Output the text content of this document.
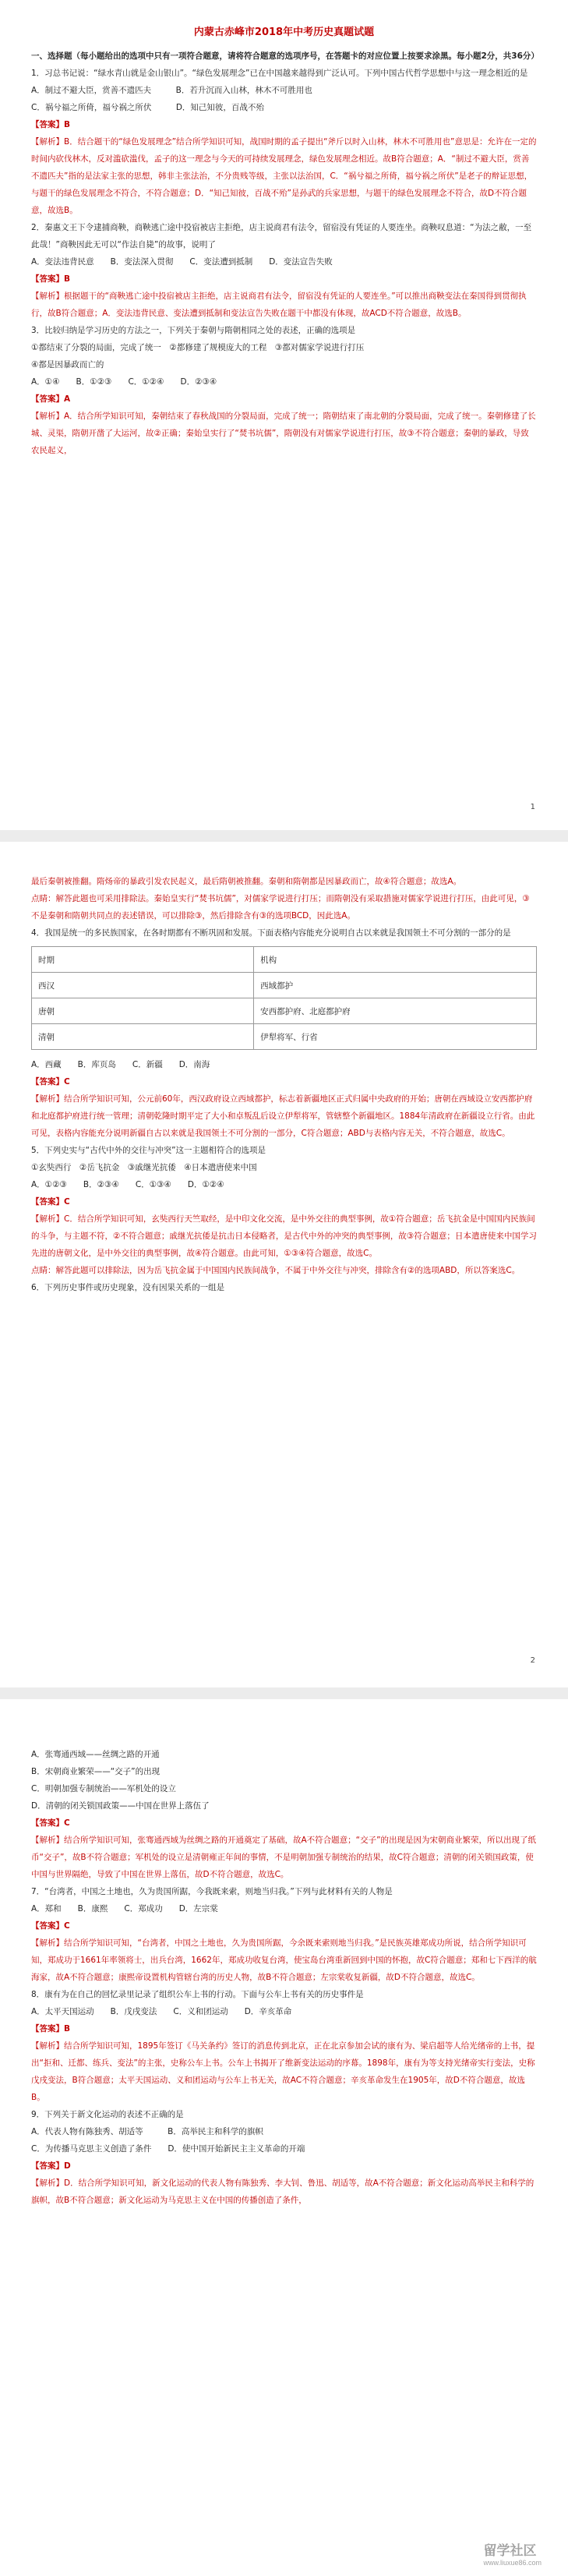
内蒙古赤峰市2018年中考历史真题试题

一、选择题（每小题给出的选项中只有一项符合题意，请将符合题意的选项序号，在答题卡的对应位置上按要求涂黑。每小题2分，共36分）

1．习总书记说：“绿水青山就是金山银山”。“绿色发展理念”已在中国越来越得到广泛认可。下列中国古代哲学思想中与这一理念相近的是

A．制过不避大臣，赏善不遗匹夫　　　B．若升沉而入山林，林木不可胜用也

C．祸兮福之所倚，福兮祸之所伏　　　D．知己知彼，百战不殆

【答案】B

【解析】B．结合题干的“绿色发展理念”结合所学知识可知，战国时期的孟子提出“斧斤以时入山林，林木不可胜用也”意思是：允许在一定的时间内砍伐林木，反对滥砍滥伐，孟子的这一理念与今天的可持续发展理念，绿色发展理念相近。故B符合题意；A．“制过不避大臣，赏善不遗匹夫”指的是法家主张的思想，韩非主张法治，不分贵贱等级，主张以法治国，C．“祸兮福之所倚，福兮祸之所伏”是老子的辩证思想，与题干的绿色发展理念不符合，不符合题意；D．“知己知彼，百战不殆”是孙武的兵家思想，与题干的绿色发展理念不符合，故D不符合题意，故选B。

2．秦惠文王下令逮捕商鞅，商鞅逃亡途中投宿被店主拒绝，店主说商君有法令，留宿没有凭证的人要连坐。商鞅叹息道：“为法之敝，一至此哉！”商鞅因此无可以“作法自毙”的故事，说明了

A．变法违背民意　　B．变法深入贯彻　　C．变法遭到抵制　　D．变法宣告失败

【答案】B

【解析】根据题干的“商鞅逃亡途中投宿被店主拒绝，店主说商君有法令，留宿没有凭证的人要连坐。”可以推出商鞅变法在秦国得到贯彻执行，故B符合题意；A．变法违背民意、变法遭到抵制和变法宣告失败在题干中都没有体现，故ACD不符合题意，故选B。

3．比较归纳是学习历史的方法之一，下列关于秦朝与隋朝相同之处的表述，正确的选项是

①都结束了分裂的局面，完成了统一　②都修建了规模庞大的工程　③都对儒家学说进行打压

④都是因暴政而亡的

A．①④　　B．①②③　　C．①②④　　D．②③④

【答案】A

【解析】A．结合所学知识可知，秦朝结束了春秋战国的分裂局面，完成了统一；隋朝结束了南北朝的分裂局面，完成了统一。秦朝修建了长城、灵渠，隋朝开凿了大运河，故②正确；秦始皇实行了“焚书坑儒”，隋朝没有对儒家学说进行打压，故③不符合题意；秦朝的暴政，导致农民起义，

1

最后秦朝被推翻。隋炀帝的暴政引发农民起义，最后隋朝被推翻。秦朝和隋朝都是因暴政而亡，故④符合题意；故选A。

点睛：解答此题也可采用排除法。秦始皇实行“焚书坑儒”，对儒家学说进行打压；而隋朝没有采取措施对儒家学说进行打压，由此可见，③不是秦朝和隋朝共同点的表述错误，可以排除③，然后排除含有③的选项BCD，因此选A。

4．我国是统一的多民族国家，在各时期都有不断巩固和发展。下面表格内容能充分说明自古以来就是我国领土不可分割的一部分的是

时期	机构
西汉	西域都护
唐朝	安西都护府、北庭都护府
清朝	伊犁将军、行省

A．西藏　　B．库页岛　　C．新疆　　D．南海

【答案】C

【解析】结合所学知识可知，公元前60年，西汉政府设立西域都护，标志着新疆地区正式归属中央政府的开始；唐朝在西域设立安西都护府和北庭都护府进行统一管理；清朝乾隆时期平定了大小和卓叛乱后设立伊犁将军，管辖整个新疆地区。1884年清政府在新疆设立行省。由此可见，表格内容能充分说明新疆自古以来就是我国领土不可分割的一部分，C符合题意；ABD与表格内容无关，不符合题意，故选C。

5．下列史实与“古代中外的交往与冲突”这一主题相符合的选项是

①玄奘西行　②岳飞抗金　③戚继光抗倭　④日本遣唐使来中国

A．①②③　　B．②③④　　C．①③④　　D．①②④

【答案】C

【解析】C．结合所学知识可知，玄奘西行天竺取经，是中印文化交流，是中外交往的典型事例，故①符合题意；岳飞抗金是中国国内民族间的斗争，与主题不符，②不符合题意；戚继光抗倭是抗击日本侵略者，是古代中外的冲突的典型事例，故③符合题意；日本遣唐使来中国学习先进的唐朝文化，是中外交往的典型事例，故④符合题意。由此可知，①③④符合题意，故选C。

点睛：解答此题可以排除法，因为岳飞抗金属于中国国内民族间战争，不属于中外交往与冲突，排除含有②的选项ABD，所以答案选C。

6．下列历史事件或历史现象，没有因果关系的一组是

2

A．张骞通西域——丝绸之路的开通

B．宋朝商业繁荣——“交子”的出现

C．明朝加强专制统治——军机处的设立

D．清朝的闭关锁国政策——中国在世界上落伍了

【答案】C

【解析】结合所学知识可知，张骞通西域为丝绸之路的开通奠定了基础，故A不符合题意；“交子”的出现是因为宋朝商业繁荣，所以出现了纸币“交子”，故B不符合题意；军机处的设立是清朝雍正年间的事情，不是明朝加强专制统治的结果，故C符合题意；清朝的闭关锁国政策，使中国与世界隔绝，导致了中国在世界上落伍，故D不符合题意，故选C。

7．“台湾者，中国之土地也，久为贵国所踞，今我既来索，则地当归我。”下列与此材料有关的人物是

A．郑和　　B．康熙　　C．郑成功　　D．左宗棠

【答案】C

【解析】结合所学知识可知，“台湾者，中国之土地也，久为贵国所踞，今余既来索则地当归我。”是民族英雄郑成功所说，结合所学知识可知，郑成功于1661年率领将士，出兵台湾，1662年，郑成功收复台湾，使宝岛台湾重新回到中国的怀抱，故C符合题意；郑和七下西洋的航海家，故A不符合题意；康熙帝设置机构管辖台湾的历史人物，故B不符合题意；左宗棠收复新疆，故D不符合题意，故选C。

8．康有为在自己的回忆录里记录了组织公车上书的行动。下面与公车上书有关的历史事件是

A．太平天国运动　　B．戊戌变法　　C．义和团运动　　D．辛亥革命

【答案】B

【解析】结合所学知识可知，1895年签订《马关条约》签订的消息传到北京，正在北京参加会试的康有为、梁启超等人给光绪帝的上书，提出“拒和、迁都、练兵、变法”的主张，史称公车上书。公车上书揭开了维新变法运动的序幕。1898年，康有为等支持光绪帝实行变法，史称戊戌变法，B符合题意；太平天国运动、义和团运动与公车上书无关，故AC不符合题意；辛亥革命发生在1905年，故D不符合题意，故选B。

9．下列关于新文化运动的表述不正确的是

A．代表人物有陈独秀、胡适等　　　B．高举民主和科学的旗帜

C．为传播马克思主义创造了条件　　D．使中国开始新民主主义革命的开端

【答案】D

【解析】D．结合所学知识可知，新文化运动的代表人物有陈独秀、李大钊、鲁迅、胡适等，故A不符合题意；新文化运动高举民主和科学的旗帜，故B不符合题意；新文化运动为马克思主义在中国的传播创造了条件，

留学社区
www.liuxue86.com
